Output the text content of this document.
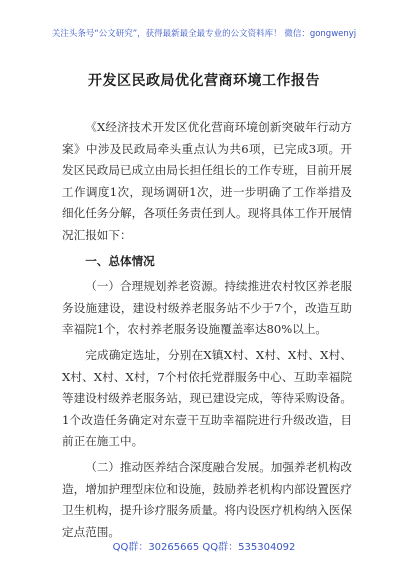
关注头条号“公文研究”，获得最新最全最专业的公文资料库！ 微信：gongwenyj
开发区民政局优化营商环境工作报告

《X经济技术开发区优化营商环境创新突破年行动方案》中涉及民政局牵头重点认为共6项，已完成3项。开发区民政局已成立由局长担任组长的工作专班，目前开展工作调度1次，现场调研1次，进一步明确了工作举措及细化任务分解，各项任务责任到人。现将具体工作开展情况汇报如下：

一、总体情况

（一）合理规划养老资源。持续推进农村牧区养老服务设施建设，建设村级养老服务站不少于7个，改造互助幸福院1个，农村养老服务设施覆盖率达80%以上。

完成确定选址，分别在X镇X村、X村、X村、X村、X村、X村、X村，7个村依托党群服务中心、互助幸福院等建设村级养老服务站，现已建设完成，等待采购设备。1个改造任务确定对东壹干互助幸福院进行升级改造，目前正在施工中。

（二）推动医养结合深度融合发展。加强养老机构改造，增加护理型床位和设施，鼓励养老机构内部设置医疗卫生机构，提升诊疗服务质量。将内设医疗机构纳入医保定点范围。

QQ群：30265665 QQ群：535304092
